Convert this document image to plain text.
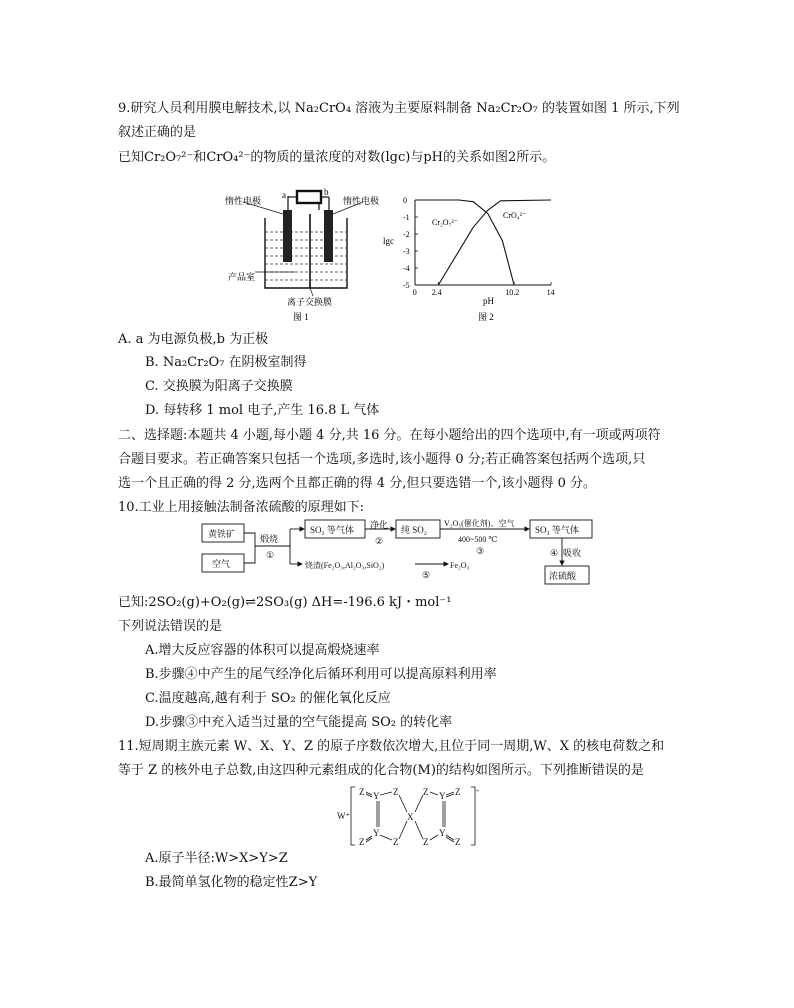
9.研究人员利用膜电解技术,以 Na₂CrO₄ 溶液为主要原料制备 Na₂Cr₂O₇ 的装置如图 1 所示,下列
叙述正确的是
已知Cr₂O₇²⁻和CrO₄²⁻的物质的量浓度的对数(lgc)与pH的关系如图2所示。
a	b
惰性电极	惰性电极
产品室
离子交换膜
图 1
lgc
pH
图 2
0
-1
-2
-3
-4
-5
0 2.4	10.2	14
Cr₂O₇²⁻
CrO₄²⁻
A. a 为电源负极,b 为正极
B. Na₂Cr₂O₇ 在阴极室制得
C. 交换膜为阳离子交换膜
D. 每转移 1 mol 电子,产生 16.8 L 气体
二、选择题:本题共 4 小题,每小题 4 分,共 16 分。在每小题给出的四个选项中,有一项或两项符
合题目要求。若正确答案只包括一个选项,多选时,该小题得 0 分;若正确答案包括两个选项,只
选一个且正确的得 2 分,选两个且都正确的得 4 分,但只要选错一个,该小题得 0 分。
10.工业上用接触法制备浓硫酸的原理如下:
黄铁矿
空气
煅烧
①
SO₂ 等气体 净化
②
纯 SO₂
V₂O₅(催化剂)、空气
400~500 ℃
③
SO₃ 等气体
④ 吸收
浓硫酸
烧渣(Fe₂O₃,Al₂O₃,SiO₂)
⑤
Fe₂O₃
已知:2SO₂(g)+O₂(g)⇌2SO₃(g) ΔH=-196.6 kJ・mol⁻¹
下列说法错误的是
A.增大反应容器的体积可以提高煅烧速率
B.步骤④中产生的尾气经净化后循环利用可以提高原料利用率
C.温度越高,越有利于 SO₂ 的催化氧化反应
D.步骤③中充入适当过量的空气能提高 SO₂ 的转化率
11.短周期主族元素 W、X、Y、Z 的原子序数依次增大,且位于同一周期,W、X 的核电荷数之和
等于 Z 的核外电子总数,由这四种元素组成的化合物(M)的结构如图所示。下列推断错误的是
W⁺
-
X
Y
Y
Y
Y
Z
Z
Z
Z
Z
Z
Z
Z
A.原子半径:W>X>Y>Z
B.最简单氢化物的稳定性Z>Y
